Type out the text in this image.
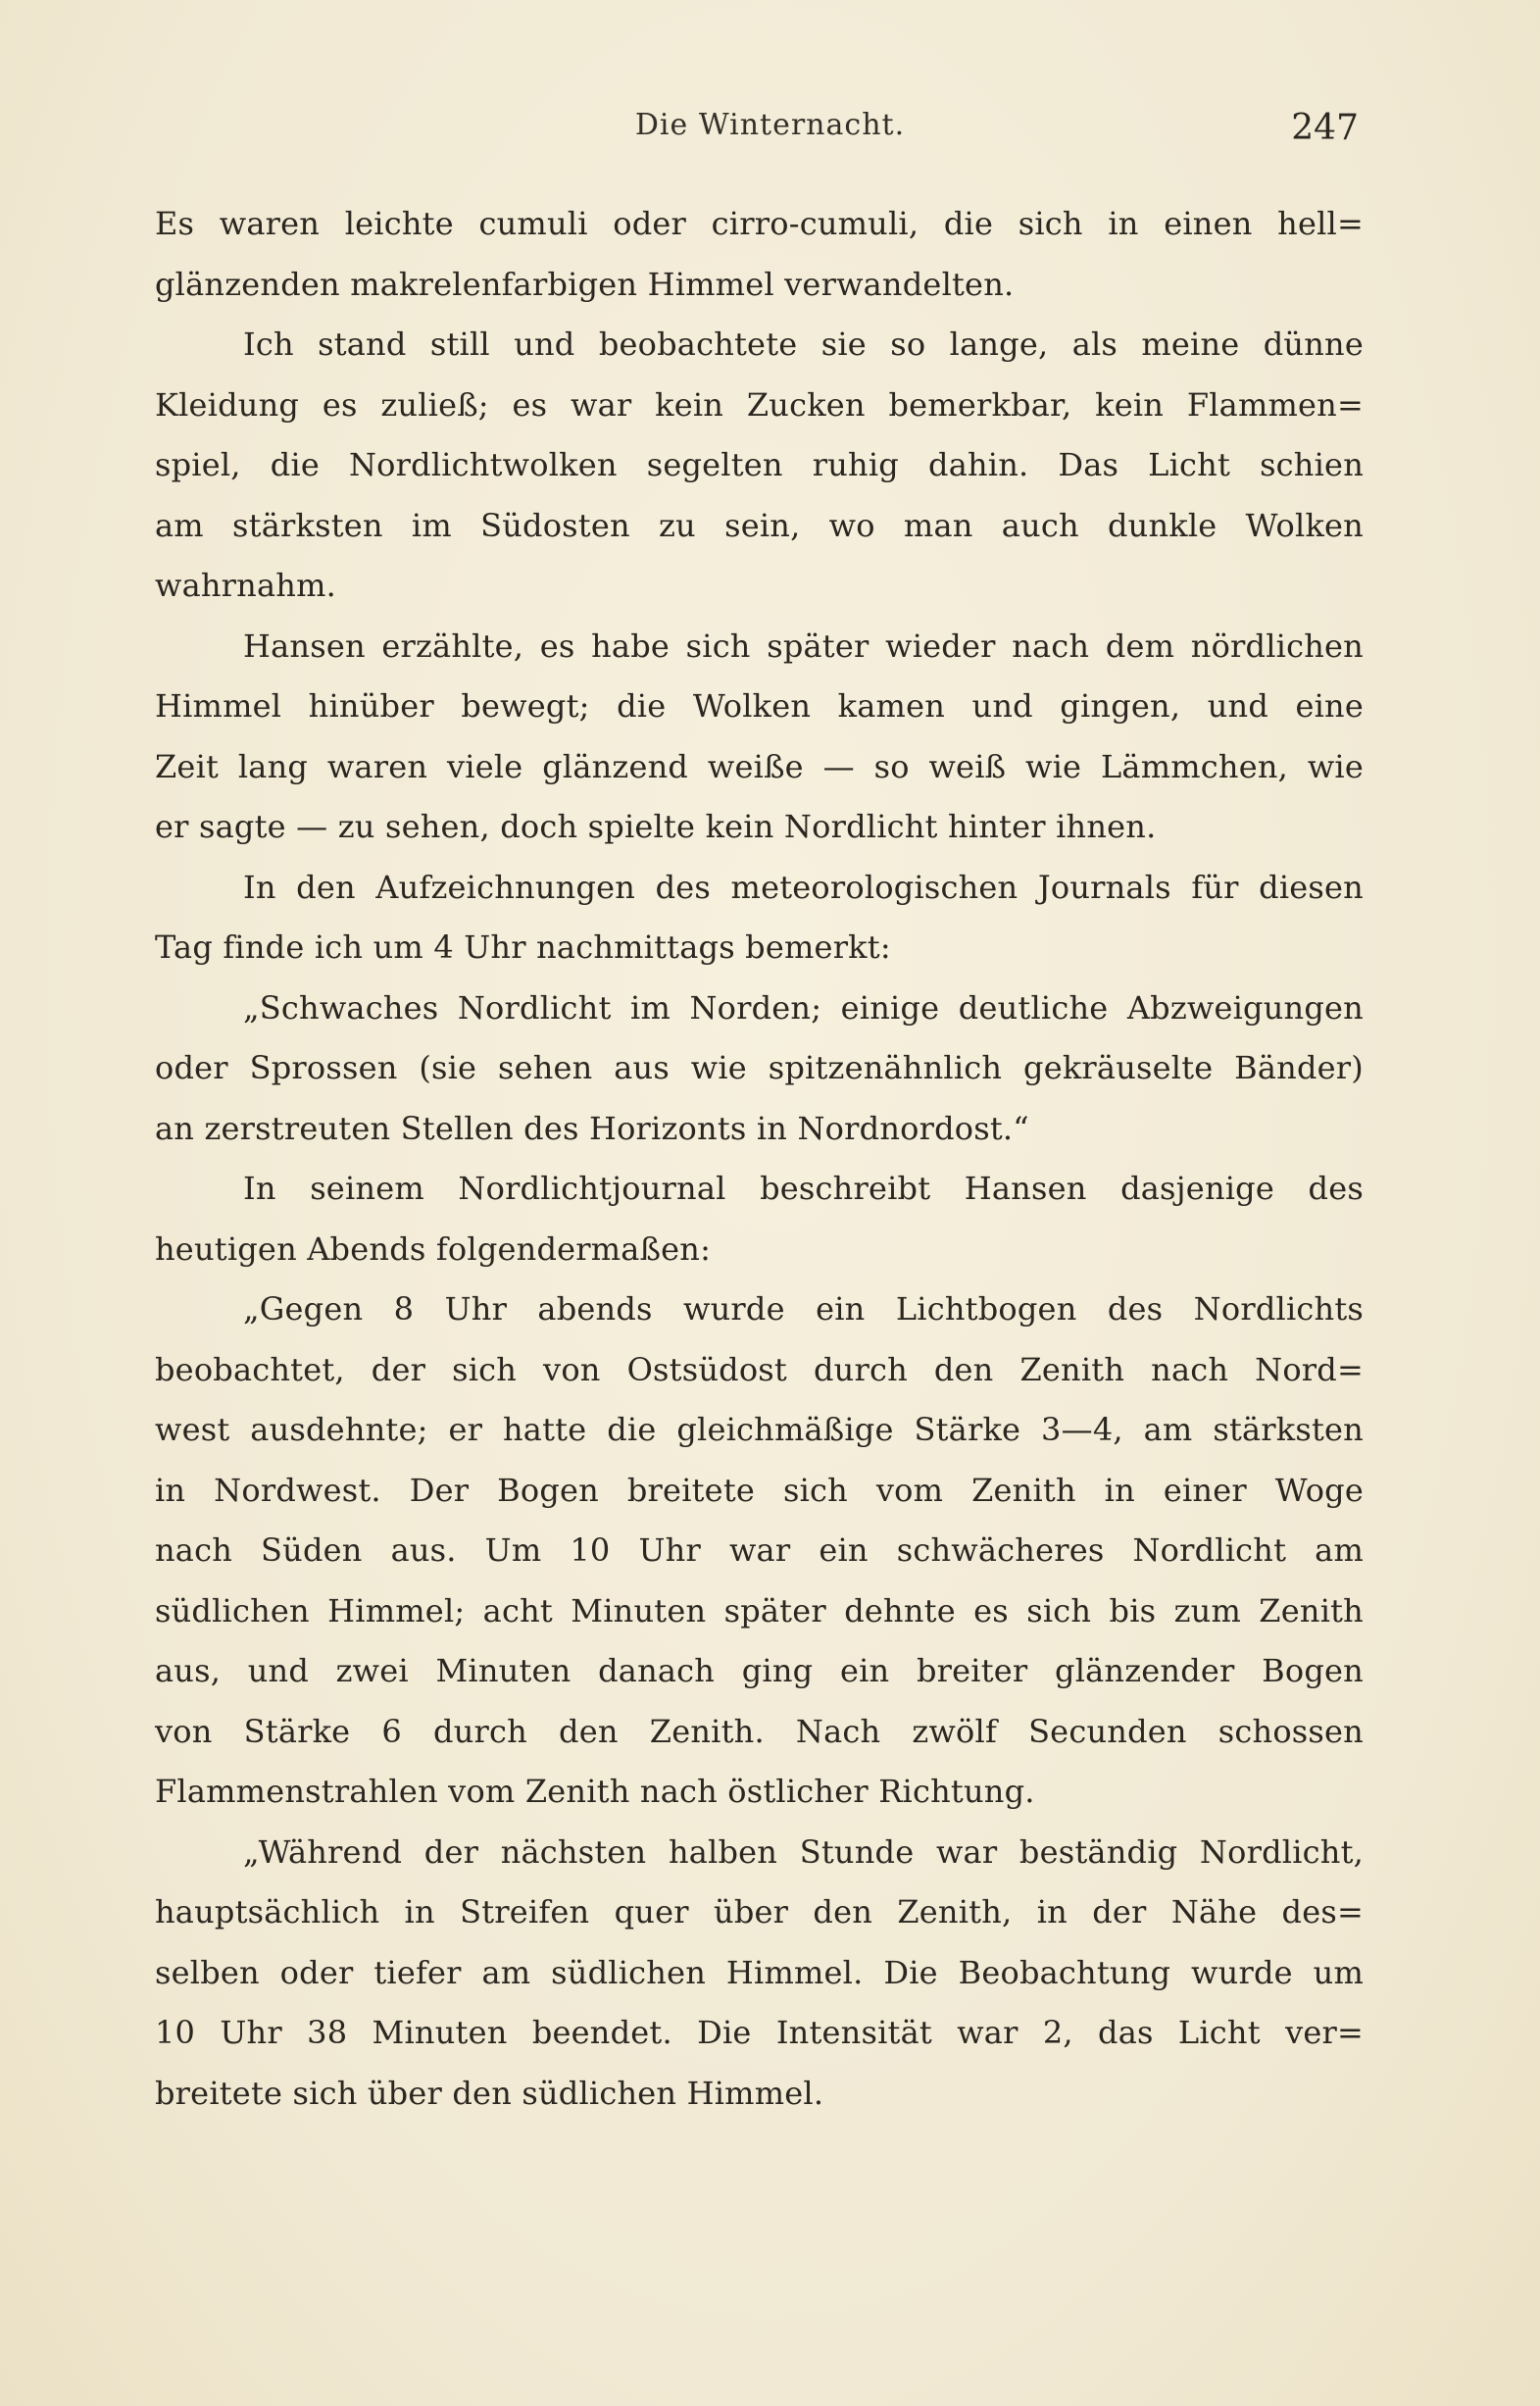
Die Winternacht.	247
Es waren leichte cumuli oder cirro-cumuli, die sich in einen hell=
glänzenden makrelenfarbigen Himmel verwandelten.
Ich stand still und beobachtete sie so lange, als meine dünne
Kleidung es zuließ; es war kein Zucken bemerkbar, kein Flammen=
spiel, die Nordlichtwolken segelten ruhig dahin. Das Licht schien
am stärksten im Südosten zu sein, wo man auch dunkle Wolken
wahrnahm.
Hansen erzählte, es habe sich später wieder nach dem nördlichen
Himmel hinüber bewegt; die Wolken kamen und gingen, und eine
Zeit lang waren viele glänzend weiße — so weiß wie Lämmchen, wie
er sagte — zu sehen, doch spielte kein Nordlicht hinter ihnen.
In den Aufzeichnungen des meteorologischen Journals für diesen
Tag finde ich um 4 Uhr nachmittags bemerkt:
„Schwaches Nordlicht im Norden; einige deutliche Abzweigungen
oder Sprossen (sie sehen aus wie spitzenähnlich gekräuselte Bänder)
an zerstreuten Stellen des Horizonts in Nordnordost.“
In seinem Nordlichtjournal beschreibt Hansen dasjenige des
heutigen Abends folgendermaßen:
„Gegen 8 Uhr abends wurde ein Lichtbogen des Nordlichts
beobachtet, der sich von Ostsüdost durch den Zenith nach Nord=
west ausdehnte; er hatte die gleichmäßige Stärke 3—4, am stärksten
in Nordwest. Der Bogen breitete sich vom Zenith in einer Woge
nach Süden aus. Um 10 Uhr war ein schwächeres Nordlicht am
südlichen Himmel; acht Minuten später dehnte es sich bis zum Zenith
aus, und zwei Minuten danach ging ein breiter glänzender Bogen
von Stärke 6 durch den Zenith. Nach zwölf Secunden schossen
Flammenstrahlen vom Zenith nach östlicher Richtung.
„Während der nächsten halben Stunde war beständig Nordlicht,
hauptsächlich in Streifen quer über den Zenith, in der Nähe des=
selben oder tiefer am südlichen Himmel. Die Beobachtung wurde um
10 Uhr 38 Minuten beendet. Die Intensität war 2, das Licht ver=
breitete sich über den südlichen Himmel.
